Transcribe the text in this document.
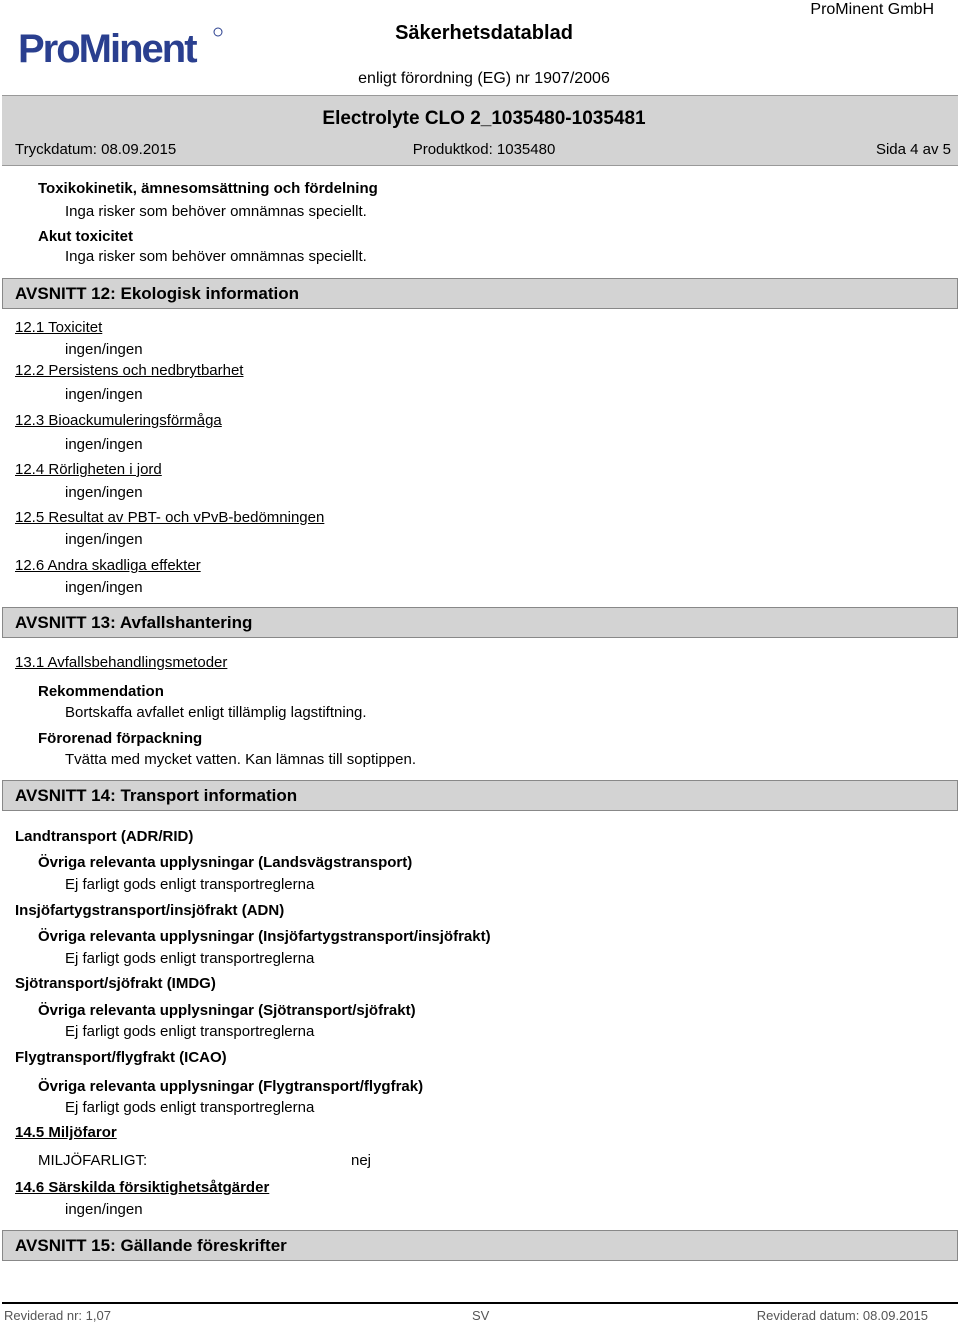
ProMinent
ProMinent GmbH
Säkerhetsdatablad
enligt förordning (EG) nr 1907/2006
Electrolyte CLO 2_1035480-1035481
Tryckdatum: 08.09.2015	Produktkod: 1035480	Sida 4 av 5
Toxikokinetik, ämnesomsättning och fördelning
Inga risker som behöver omnämnas speciellt.
Akut toxicitet
Inga risker som behöver omnämnas speciellt.
AVSNITT 12: Ekologisk information
12.1 Toxicitet
ingen/ingen
12.2 Persistens och nedbrytbarhet
ingen/ingen
12.3 Bioackumuleringsförmåga
ingen/ingen
12.4 Rörligheten i jord
ingen/ingen
12.5 Resultat av PBT- och vPvB-bedömningen
ingen/ingen
12.6 Andra skadliga effekter
ingen/ingen
AVSNITT 13: Avfallshantering
13.1 Avfallsbehandlingsmetoder
Rekommendation
Bortskaffa avfallet enligt tillämplig lagstiftning.
Förorenad förpackning
Tvätta med mycket vatten. Kan lämnas till soptippen.
AVSNITT 14: Transport information
Landtransport (ADR/RID)
Övriga relevanta upplysningar (Landsvägstransport)
Ej farligt gods enligt transportreglerna
Insjöfartygstransport/insjöfrakt (ADN)
Övriga relevanta upplysningar (Insjöfartygstransport/insjöfrakt)
Ej farligt gods enligt transportreglerna
Sjötransport/sjöfrakt (IMDG)
Övriga relevanta upplysningar (Sjötransport/sjöfrakt)
Ej farligt gods enligt transportreglerna
Flygtransport/flygfrakt (ICAO)
Övriga relevanta upplysningar (Flygtransport/flygfrak)
Ej farligt gods enligt transportreglerna
14.5 Miljöfaror
MILJÖFARLIGT:	nej
14.6 Särskilda försiktighetsåtgärder
ingen/ingen
AVSNITT 15: Gällande föreskrifter
Reviderad nr: 1,07	SV	Reviderad datum: 08.09.2015
